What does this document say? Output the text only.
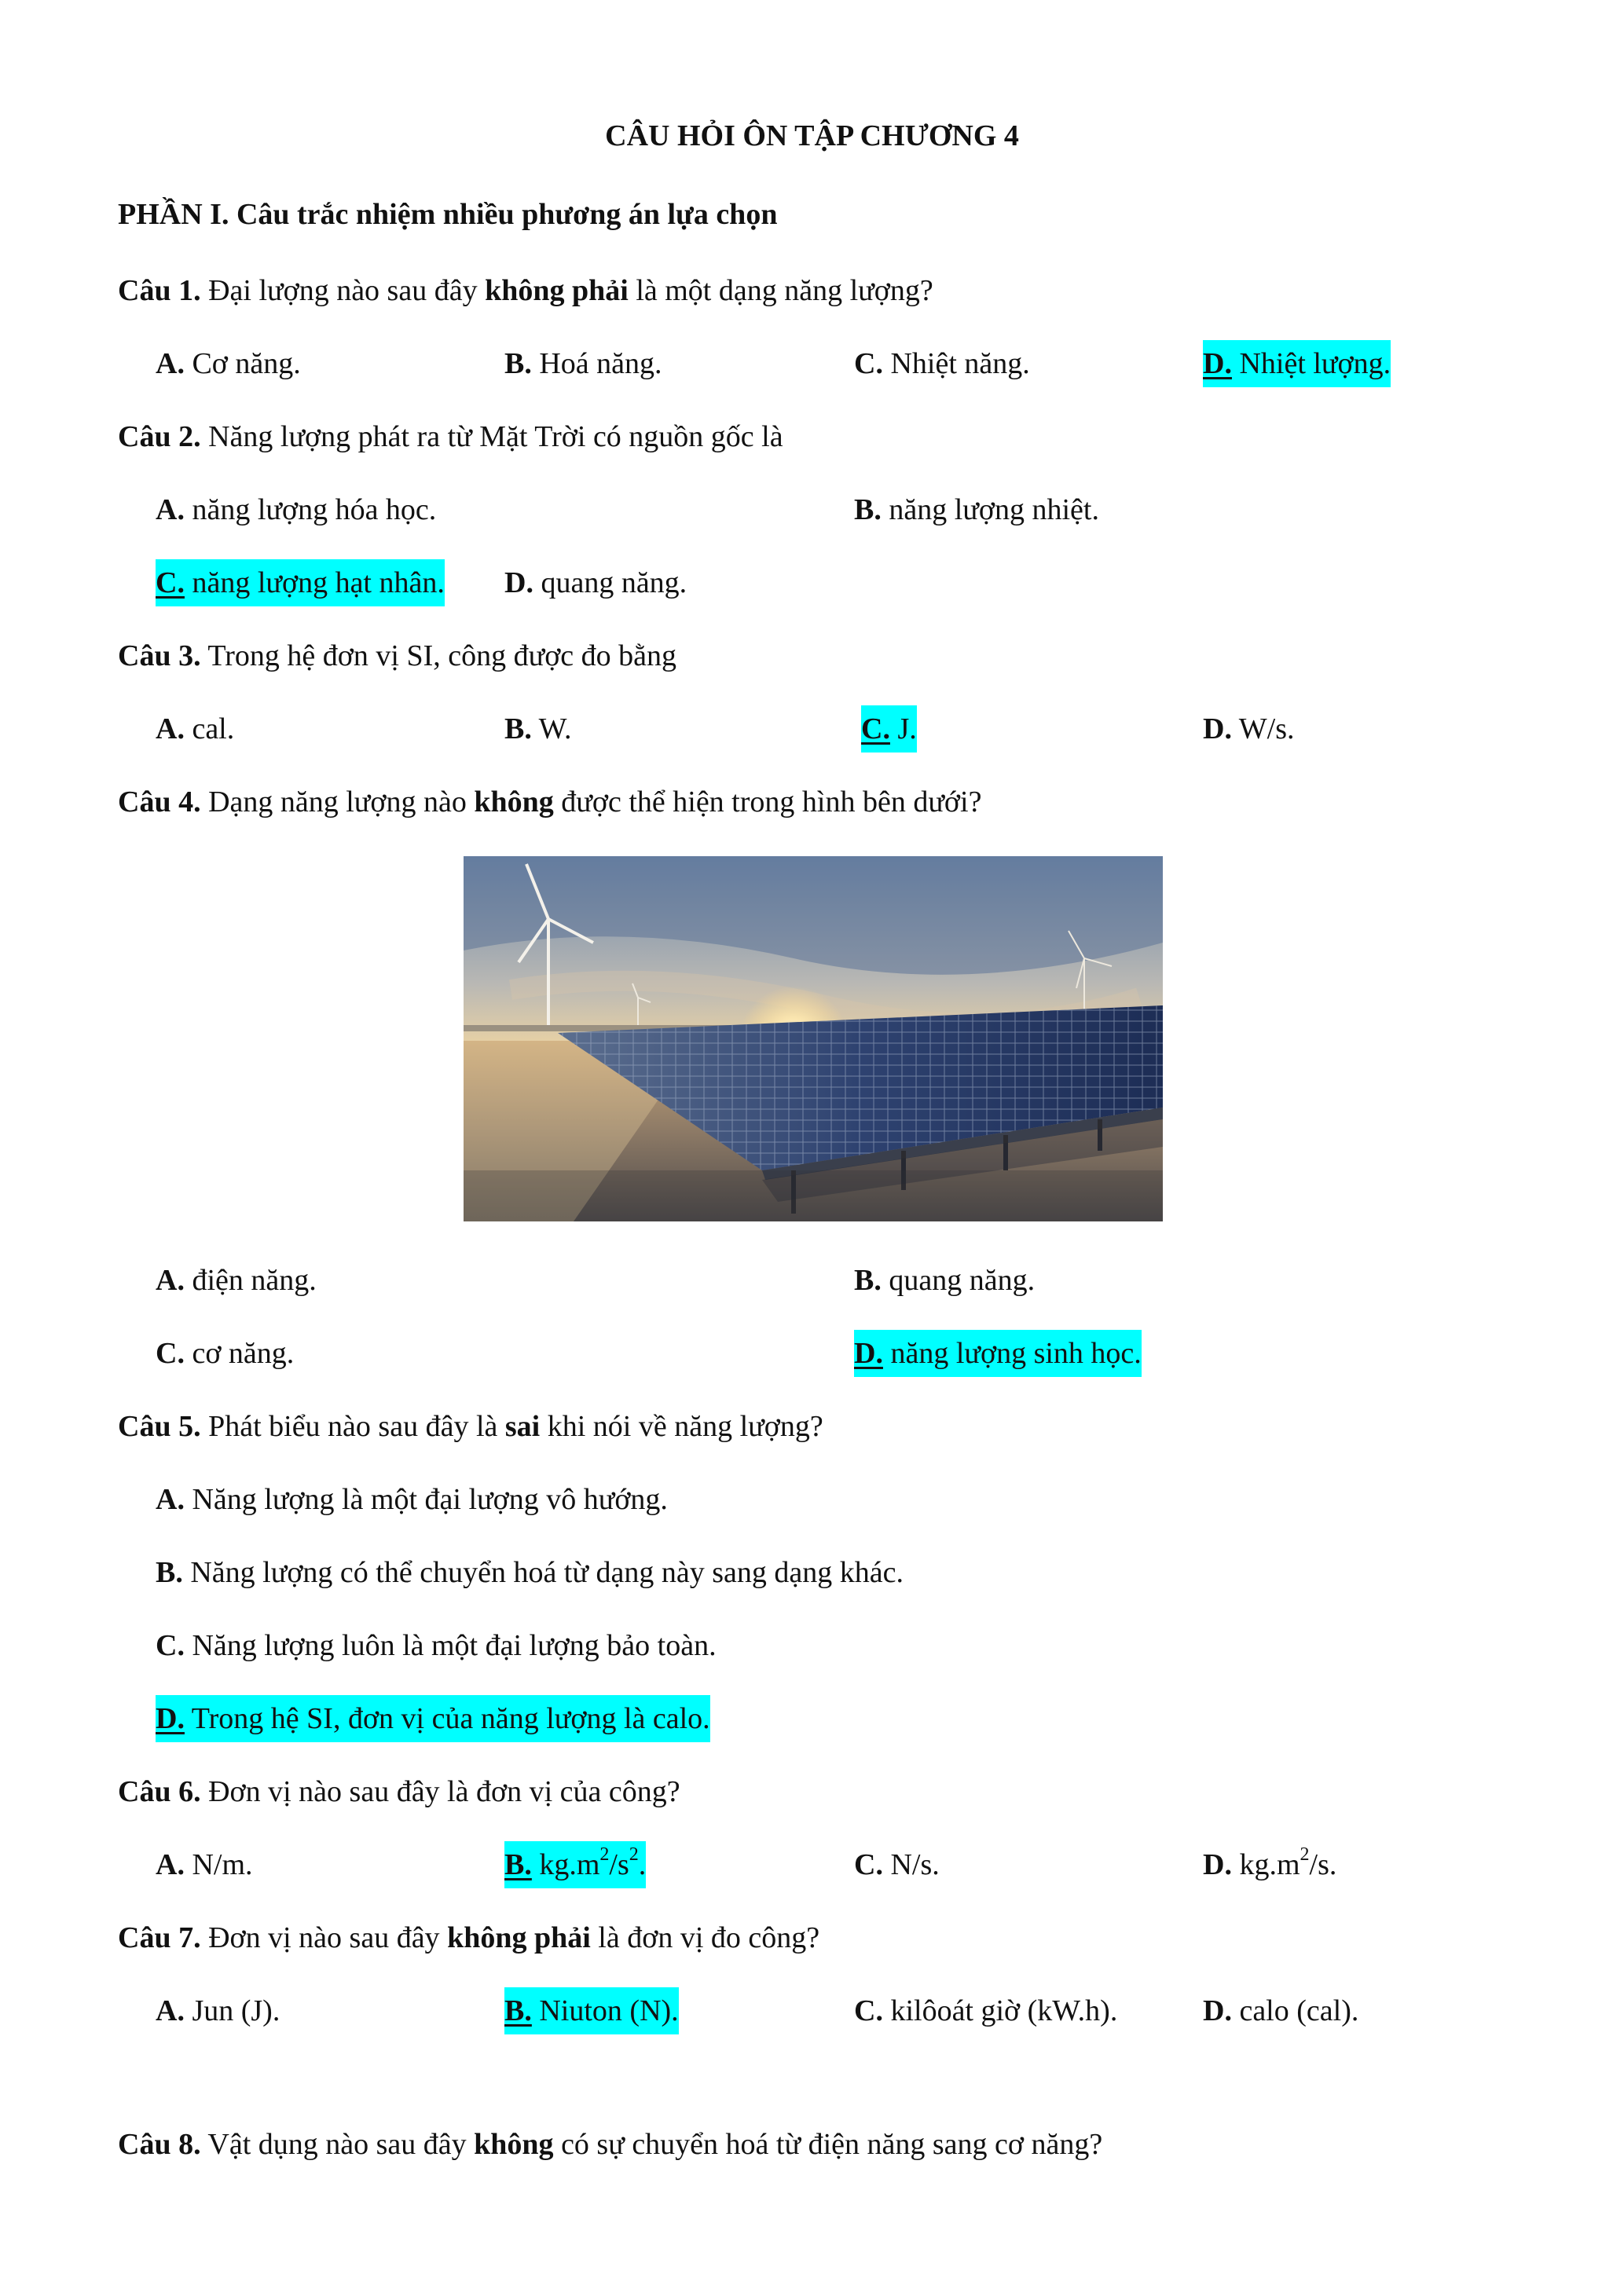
CÂU HỎI ÔN TẬP CHƯƠNG 4
PHẦN I. Câu trắc nhiệm nhiều phương án lựa chọn
Câu 1. Đại lượng nào sau đây không phải là một dạng năng lượng?
A. Cơ năng.	B. Hoá năng.	C. Nhiệt năng.	D. Nhiệt lượng.
Câu 2. Năng lượng phát ra từ Mặt Trời có nguồn gốc là
A. năng lượng hóa học.	B. năng lượng nhiệt.
C. năng lượng hạt nhân. D. quang năng.
Câu 3. Trong hệ đơn vị SI, công được đo bằng
A. cal.	B. W.	C. J.	D. W/s.
Câu 4. Dạng năng lượng nào không được thể hiện trong hình bên dưới?
A. điện năng.	B. quang năng.
C. cơ năng.	D. năng lượng sinh học.
Câu 5. Phát biểu nào sau đây là sai khi nói về năng lượng?
A. Năng lượng là một đại lượng vô hướng.
B. Năng lượng có thể chuyển hoá từ dạng này sang dạng khác.
C. Năng lượng luôn là một đại lượng bảo toàn.
D. Trong hệ SI, đơn vị của năng lượng là calo.
Câu 6. Đơn vị nào sau đây là đơn vị của công?
A. N/m.	B. $kg.m^2/s^2$.	C. N/s.	D. $kg.m^2/s$.
Câu 7. Đơn vị nào sau đây không phải là đơn vị đo công?
A. Jun (J).	B. Niuton (N).	C. kilôoát giờ (kW.h).	D. calo (cal).
Câu 8. Vật dụng nào sau đây không có sự chuyển hoá từ điện năng sang cơ năng?
